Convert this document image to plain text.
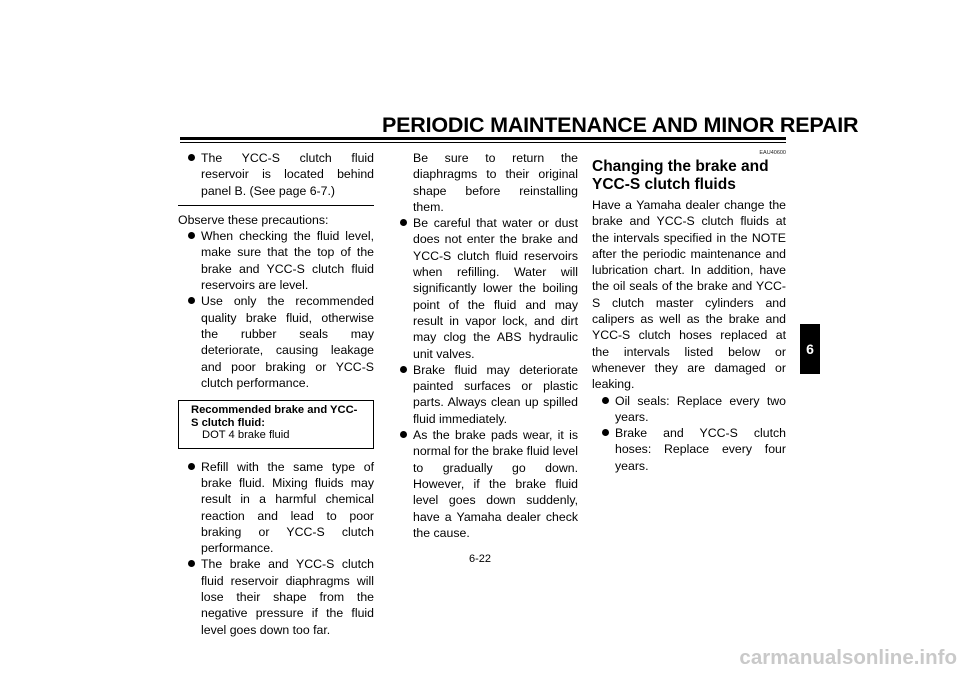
PERIODIC MAINTENANCE AND MINOR REPAIR
The YCC-S clutch fluid reservoir is located behind panel B. (See page 6-7.)

Observe these precautions:

When checking the fluid level, make sure that the top of the brake and YCC-S clutch fluid reservoirs are level.
Use only the recommended quality brake fluid, otherwise the rubber seals may deteriorate, causing leakage and poor braking or YCC-S clutch performance.
Recommended brake and YCC-S clutch fluid:
DOT 4 brake fluid
Refill with the same type of brake fluid. Mixing fluids may result in a harmful chemical reaction and lead to poor braking or YCC-S clutch performance.
The brake and YCC-S clutch fluid reservoir diaphragms will lose their shape from the negative pressure if the fluid level goes down too far.

Be sure to return the diaphragms to their original shape before reinstalling them.

Be careful that water or dust does not enter the brake and YCC-S clutch fluid reservoirs when refilling. Water will significantly lower the boiling point of the fluid and may result in vapor lock, and dirt may clog the ABS hydraulic unit valves.
Brake fluid may deteriorate painted surfaces or plastic parts. Always clean up spilled fluid immediately.
As the brake pads wear, it is normal for the brake fluid level to gradually go down. However, if the brake fluid level goes down suddenly, have a Yamaha dealer check the cause.
EAU40600
Changing the brake and YCC-S clutch fluids

Have a Yamaha dealer change the brake and YCC-S clutch fluids at the intervals specified in the NOTE after the periodic maintenance and lubrication chart. In addition, have the oil seals of the brake and YCC-S clutch master cylinders and calipers as well as the brake and YCC-S clutch hoses replaced at the intervals listed below or whenever they are damaged or leaking.

Oil seals: Replace every two years.
Brake and YCC-S clutch hoses: Replace every four years.
6
6-22
carmanualsonline.info
